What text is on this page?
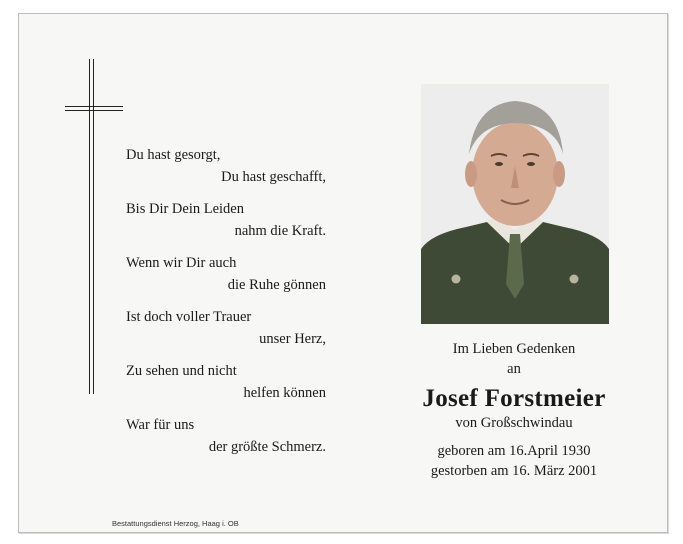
Du hast gesorgt,
Du hast geschafft,
Bis Dir Dein Leiden
nahm die Kraft.
Wenn wir Dir auch
die Ruhe gönnen
Ist doch voller Trauer
unser Herz,
Zu sehen und nicht
helfen können
War für uns
der größte Schmerz.
Im Lieben Gedenken
an
Josef Forstmeier
von Großschwindau
geboren am 16.April 1930
gestorben am 16. März 2001
Bestattungsdienst Herzog, Haag i. OB
